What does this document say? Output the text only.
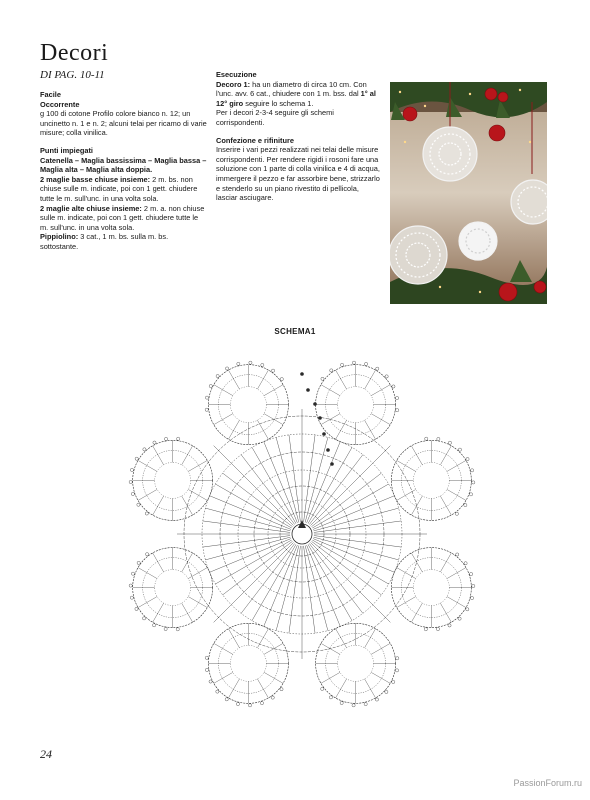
Decori
DI PAG. 10-11
Facile
Occorrente
g 100 di cotone Profilo colore bianco n. 12; un uncinetto n. 1 e n. 2; alcuni telai per ricamo di varie misure; colla vinilica.
Punti impiegati
Catenella – Maglia bassissima – Maglia bassa – Maglia alta – Maglia alta doppia.
2 maglie basse chiuse insieme: 2 m. bs. non chiuse sulle m. indicate, poi con 1 gett. chiudere tutte le m. sull'unc. in una volta sola.
2 maglie alte chiuse insieme: 2 m. a. non chiuse sulle m. indicate, poi con 1 gett. chiudere tutte le m. sull'unc. in una volta sola.
Pippiolino: 3 cat., 1 m. bs. sulla m. bs. sottostante.
Esecuzione
Decoro 1: ha un diametro di circa 10 cm. Con l'unc. avv. 6 cat., chiudere con 1 m. bss. dal 1° al 12° giro seguire lo schema 1.
Per i decori 2-3-4 seguire gli schemi corrispondenti.
Confezione e rifiniture
Inserire i vari pezzi realizzati nei telai delle misure corrispondenti. Per rendere rigidi i rosoni fare una soluzione con 1 parte di colla vinilica e 4 di acqua, immergere il pezzo e far assorbire bene, strizzarlo e stenderlo su un piano rivestito di pellicola, lasciar asciugare.
SCHEMA1
24
PassionForum.ru
